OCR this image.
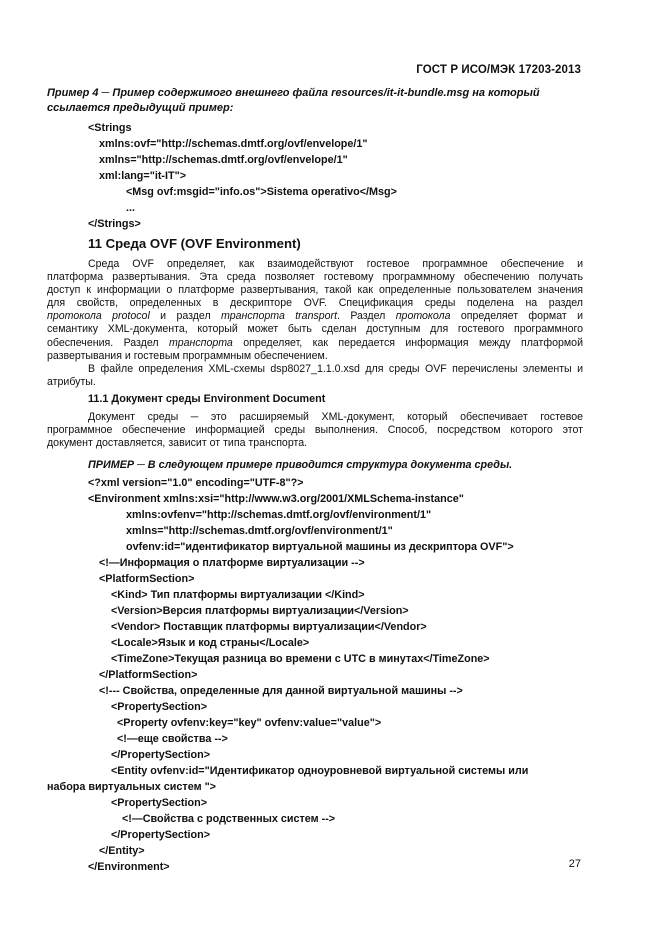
ГОСТ Р ИСО/МЭК 17203-2013
Пример 4 ─ Пример содержимого внешнего файла resources/it-it-bundle.msg на который
ссылается предыдущий пример:
<Strings
xmlns:ovf="http://schemas.dmtf.org/ovf/envelope/1"
xmlns="http://schemas.dmtf.org/ovf/envelope/1"
xml:lang="it-IT">
<Msg ovf:msgid="info.os">Sistema operativo</Msg>
...
</Strings>
11 Среда OVF (OVF Environment)
Среда OVF определяет, как взаимодействуют гостевое программное обеспечение и
платформа развертывания. Эта среда позволяет гостевому программному обеспечению получать
доступ к информации о платформе развертывания, такой как определенные пользователем значения
для свойств, определенных в дескрипторе OVF. Спецификация среды поделена на раздел
протокола protocol и раздел транспорта transport. Раздел протокола определяет формат и
семантику XML-документа, который может быть сделан доступным для гостевого программного
обеспечения. Раздел транспорта определяет, как передается информация между платформой
развертывания и гостевым программным обеспечением.
В файле определения XML-схемы dsp8027_1.1.0.xsd для среды OVF перечислены элементы и
атрибуты.
11.1 Документ среды Environment Document
Документ среды ─ это расширяемый XML-документ, который обеспечивает гостевое
программное обеспечение информацией среды выполнения. Способ, посредством которого этот
документ доставляется, зависит от типа транспорта.
ПРИМЕР ─ В следующем примере приводится структура документа среды.
<?xml version="1.0" encoding="UTF-8"?>
<Environment xmlns:xsi="http://www.w3.org/2001/XMLSchema-instance"
xmlns:ovfenv="http://schemas.dmtf.org/ovf/environment/1"
xmlns="http://schemas.dmtf.org/ovf/environment/1"
ovfenv:id="идентификатор виртуальной машины из дескриптора OVF">
<!—Информация о платформе виртуализации -->
<PlatformSection>
<Kind> Тип платформы виртуализации </Kind>
<Version>Версия платформы виртуализации</Version>
<Vendor> Поставщик платформы виртуализации</Vendor>
<Locale>Язык и код страны</Locale>
<TimeZone>Текущая разница во времени с UTC в минутах</TimeZone>
</PlatformSection>
<!--- Свойства, определенные для данной виртуальной машины -->
<PropertySection>
<Property ovfenv:key="key" ovfenv:value="value">
<!—еще свойства -->
</PropertySection>
<Entity ovfenv:id="Идентификатор одноуровневой виртуальной системы или
набора виртуальных систем ">
<PropertySection>
<!—Свойства с родственных систем -->
</PropertySection>
</Entity>
</Environment>	27
